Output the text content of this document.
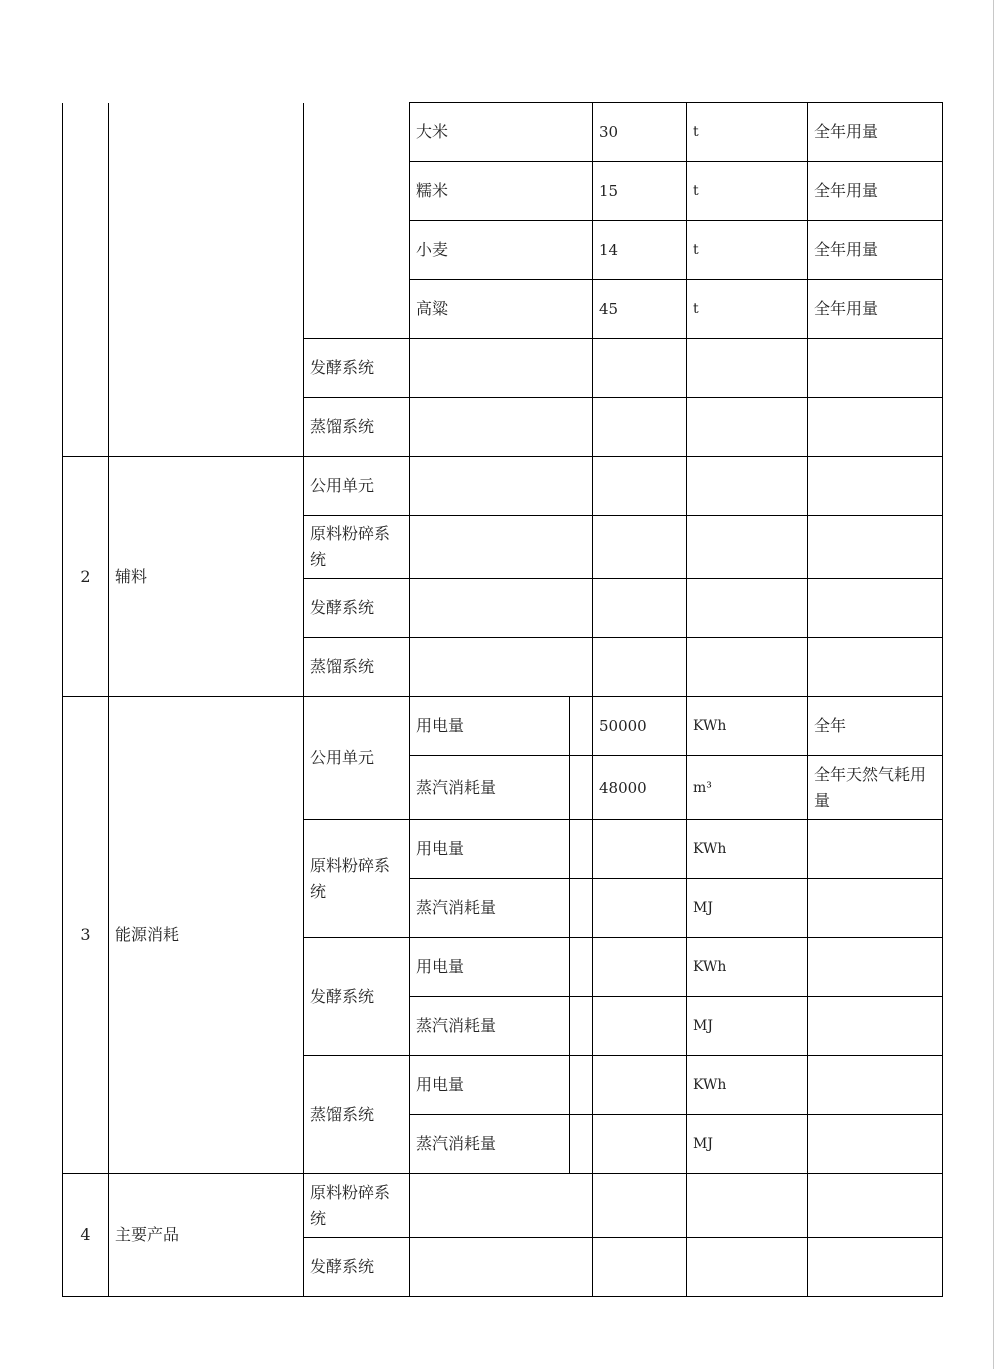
			大米		30	t	全年用量
			糯米		15	t	全年用量
			小麦		14	t	全年用量
			高粱		45	t	全年用量
		发酵系统					
		蒸馏系统					
2	辅料	公用单元					
		原料粉碎系统					
		发酵系统					
		蒸馏系统					
3	能源消耗	公用单元	用电量		50000	KWh	全年
			蒸汽消耗量		48000	m³	全年天然气耗用量
		原料粉碎系统	用电量			KWh	
			蒸汽消耗量			MJ	
		发酵系统	用电量			KWh	
			蒸汽消耗量			MJ	
		蒸馏系统	用电量			KWh	
			蒸汽消耗量			MJ	
4	主要产品	原料粉碎系统					
		发酵系统					
